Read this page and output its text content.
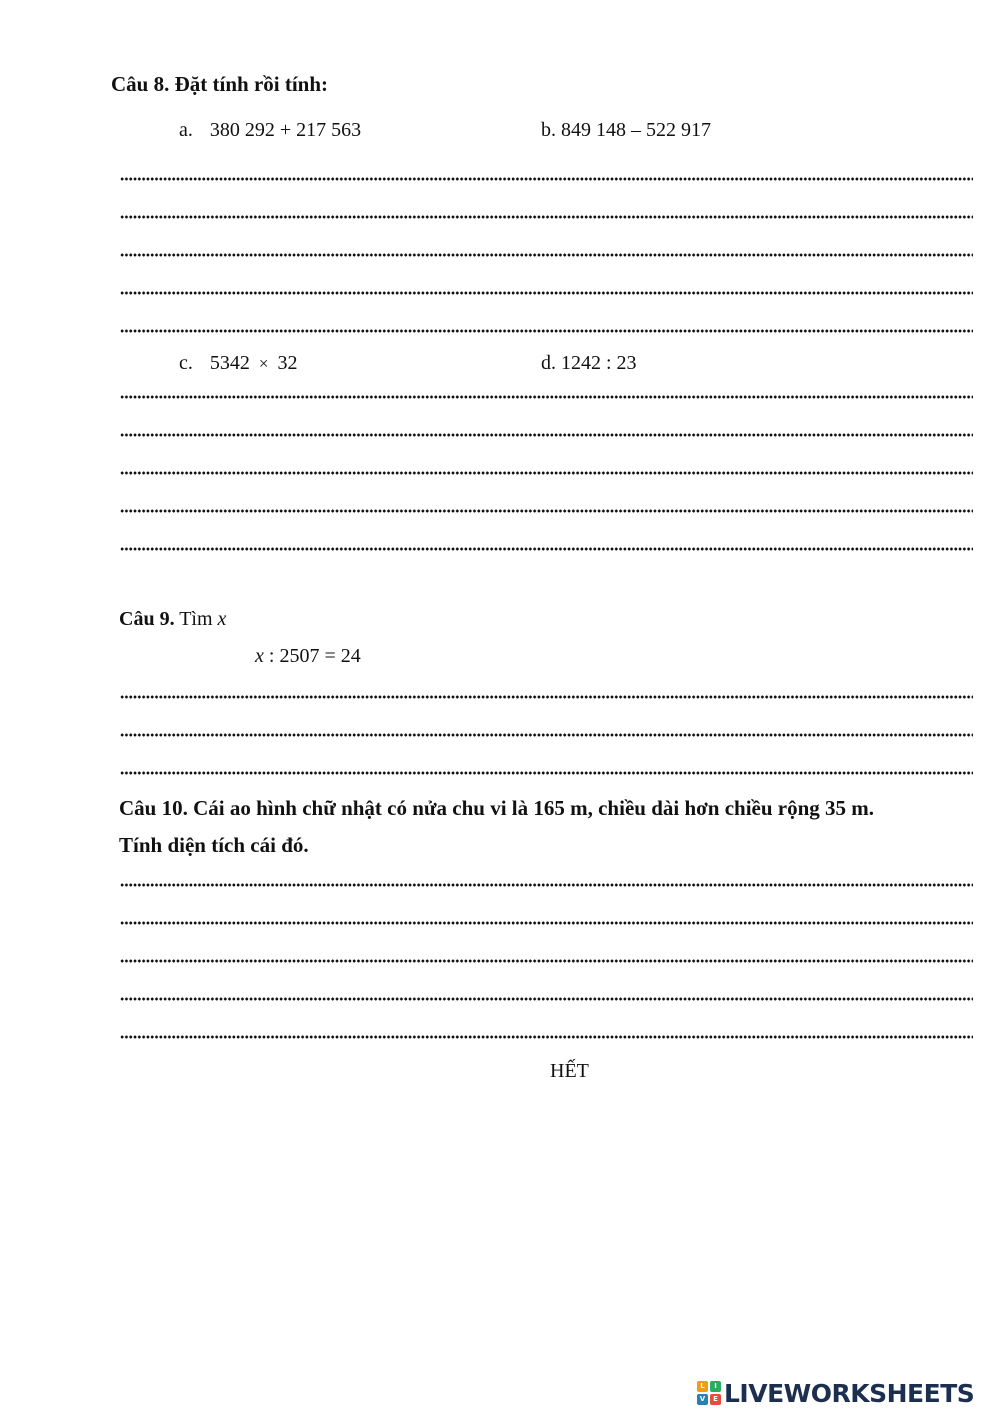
Câu 8. Đặt tính rồi tính:
a. 380 292 + 217 563	b. 849 148 – 522 917
c. 5342 × 32	d. 1242 : 23
Câu 9. Tìm x
x : 2507 = 24
Câu 10. Cái ao hình chữ nhật có nửa chu vi là 165 m, chiều dài hơn chiều rộng 35 m.
Tính diện tích cái đó.
HẾT
L	I
V	E LIVEWORKSHEETS
